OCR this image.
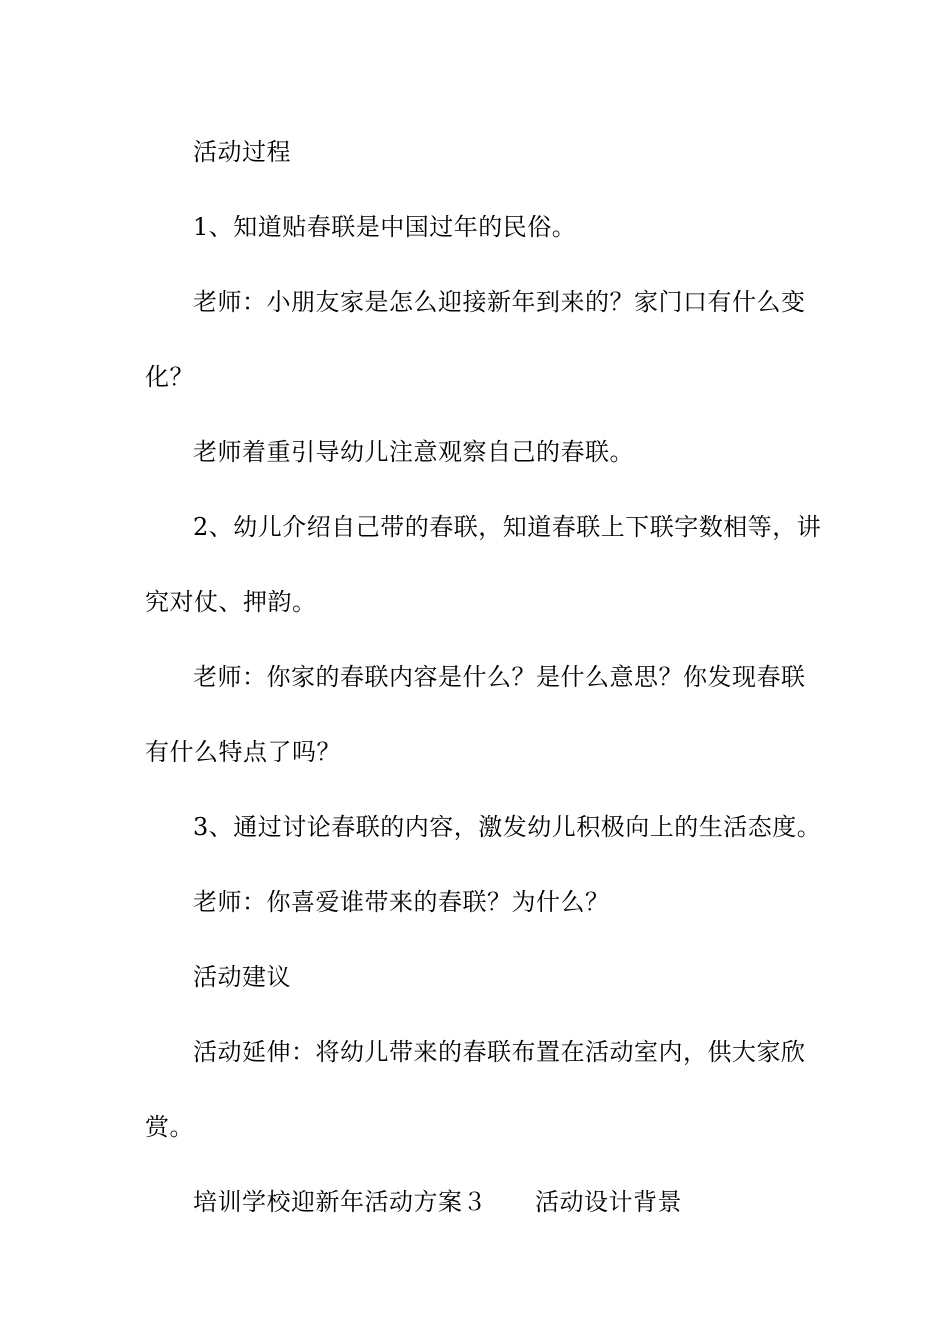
活动过程
1、知道贴春联是中国过年的民俗。
老师：小朋友家是怎么迎接新年到来的？家门口有什么变
化？
老师着重引导幼儿注意观察自己的春联。
2、幼儿介绍自己带的春联，知道春联上下联字数相等，讲
究对仗、押韵。
老师：你家的春联内容是什么？是什么意思？你发现春联
有什么特点了吗？
3、通过讨论春联的内容，激发幼儿积极向上的生活态度。
老师：你喜爱谁带来的春联？为什么？
活动建议
活动延伸：将幼儿带来的春联布置在活动室内，供大家欣
赏。
培训学校迎新年活动方案３ 活动设计背景
